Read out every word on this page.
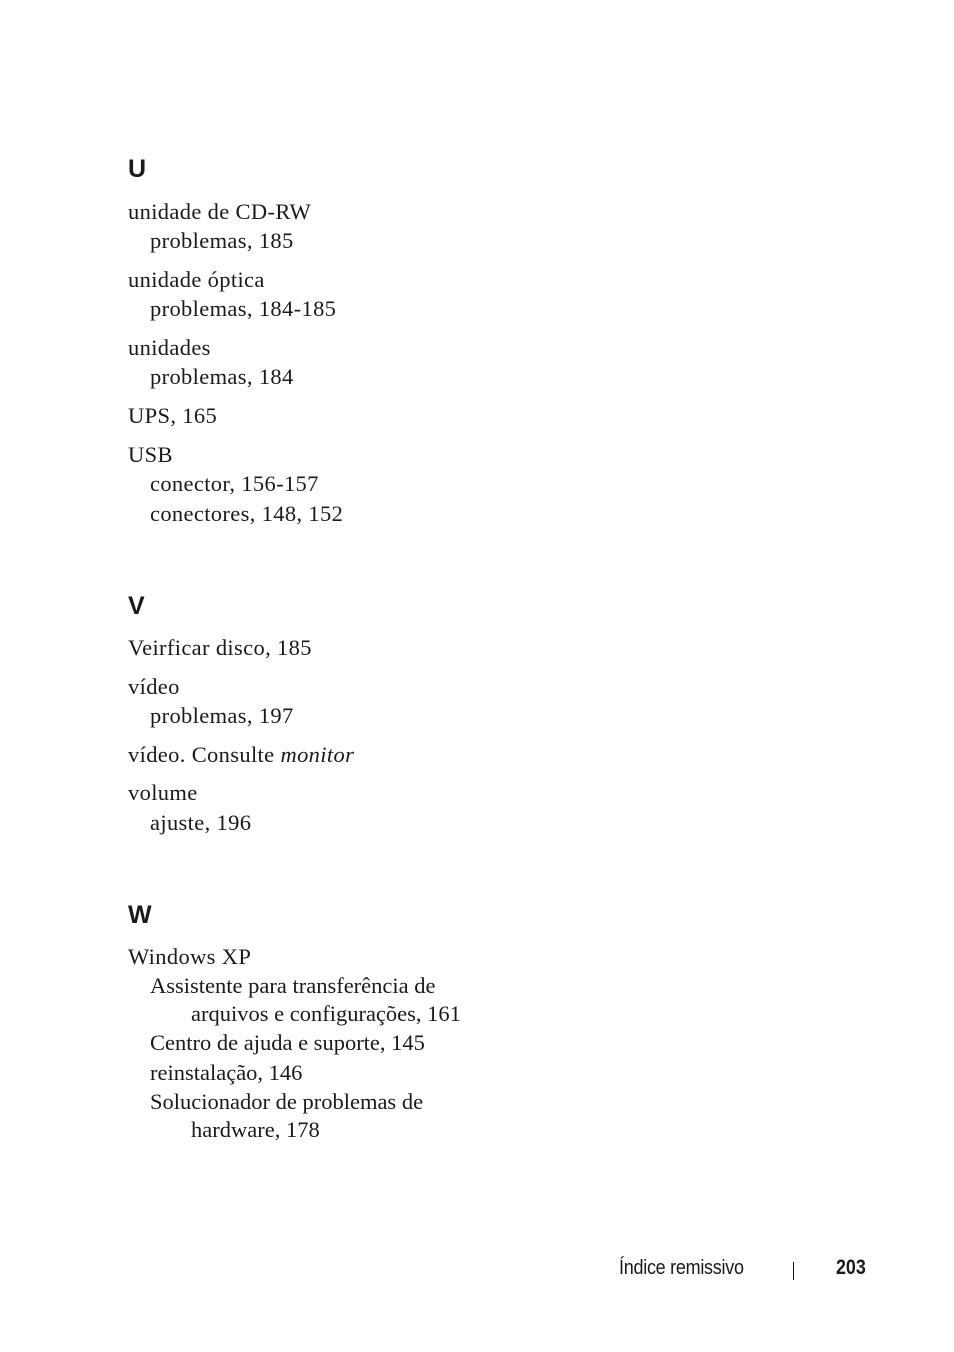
U
unidade de CD-RW
problemas, 185
unidade óptica
problemas, 184-185
unidades
problemas, 184
UPS, 165
USB
conector, 156-157
conectores, 148, 152
V
Veirficar disco, 185
vídeo
problemas, 197
vídeo. Consulte monitor
volume
ajuste, 196
W
Windows XP
Assistente para transferência de
arquivos e configurações, 161
Centro de ajuda e suporte, 145
reinstalação, 146
Solucionador de problemas de
hardware, 178
Índice remissivo	203
